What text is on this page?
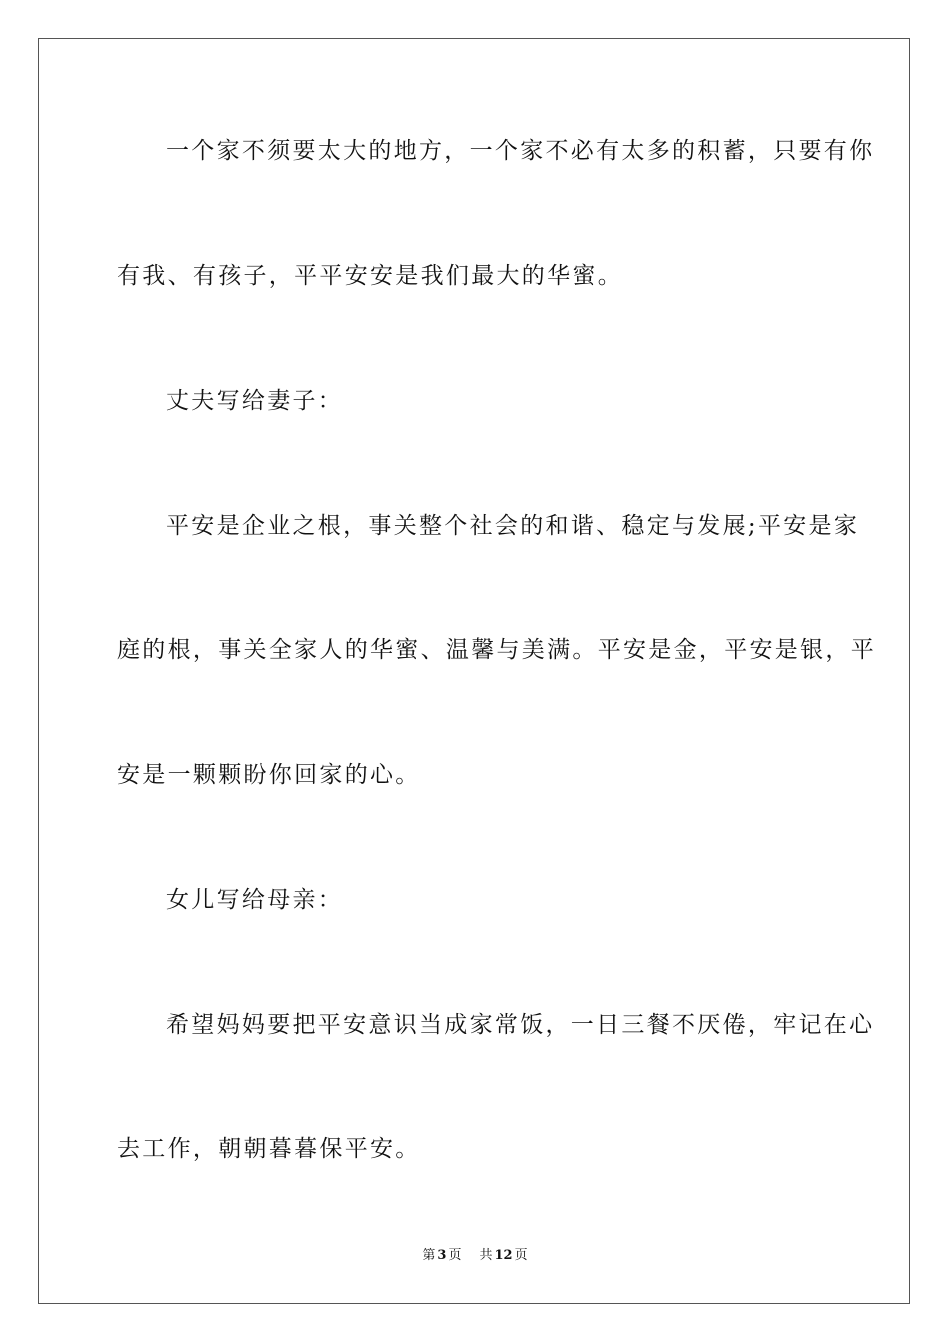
一个家不须要太大的地方，一个家不必有太多的积蓄，只要有你
有我、有孩子，平平安安是我们最大的华蜜。
丈夫写给妻子：
平安是企业之根，事关整个社会的和谐、稳定与发展;平安是家
庭的根，事关全家人的华蜜、温馨与美满。平安是金，平安是银，平
安是一颗颗盼你回家的心。
女儿写给母亲：
希望妈妈要把平安意识当成家常饭，一日三餐不厌倦，牢记在心
去工作，朝朝暮暮保平安。
第 3 页 共 12 页
